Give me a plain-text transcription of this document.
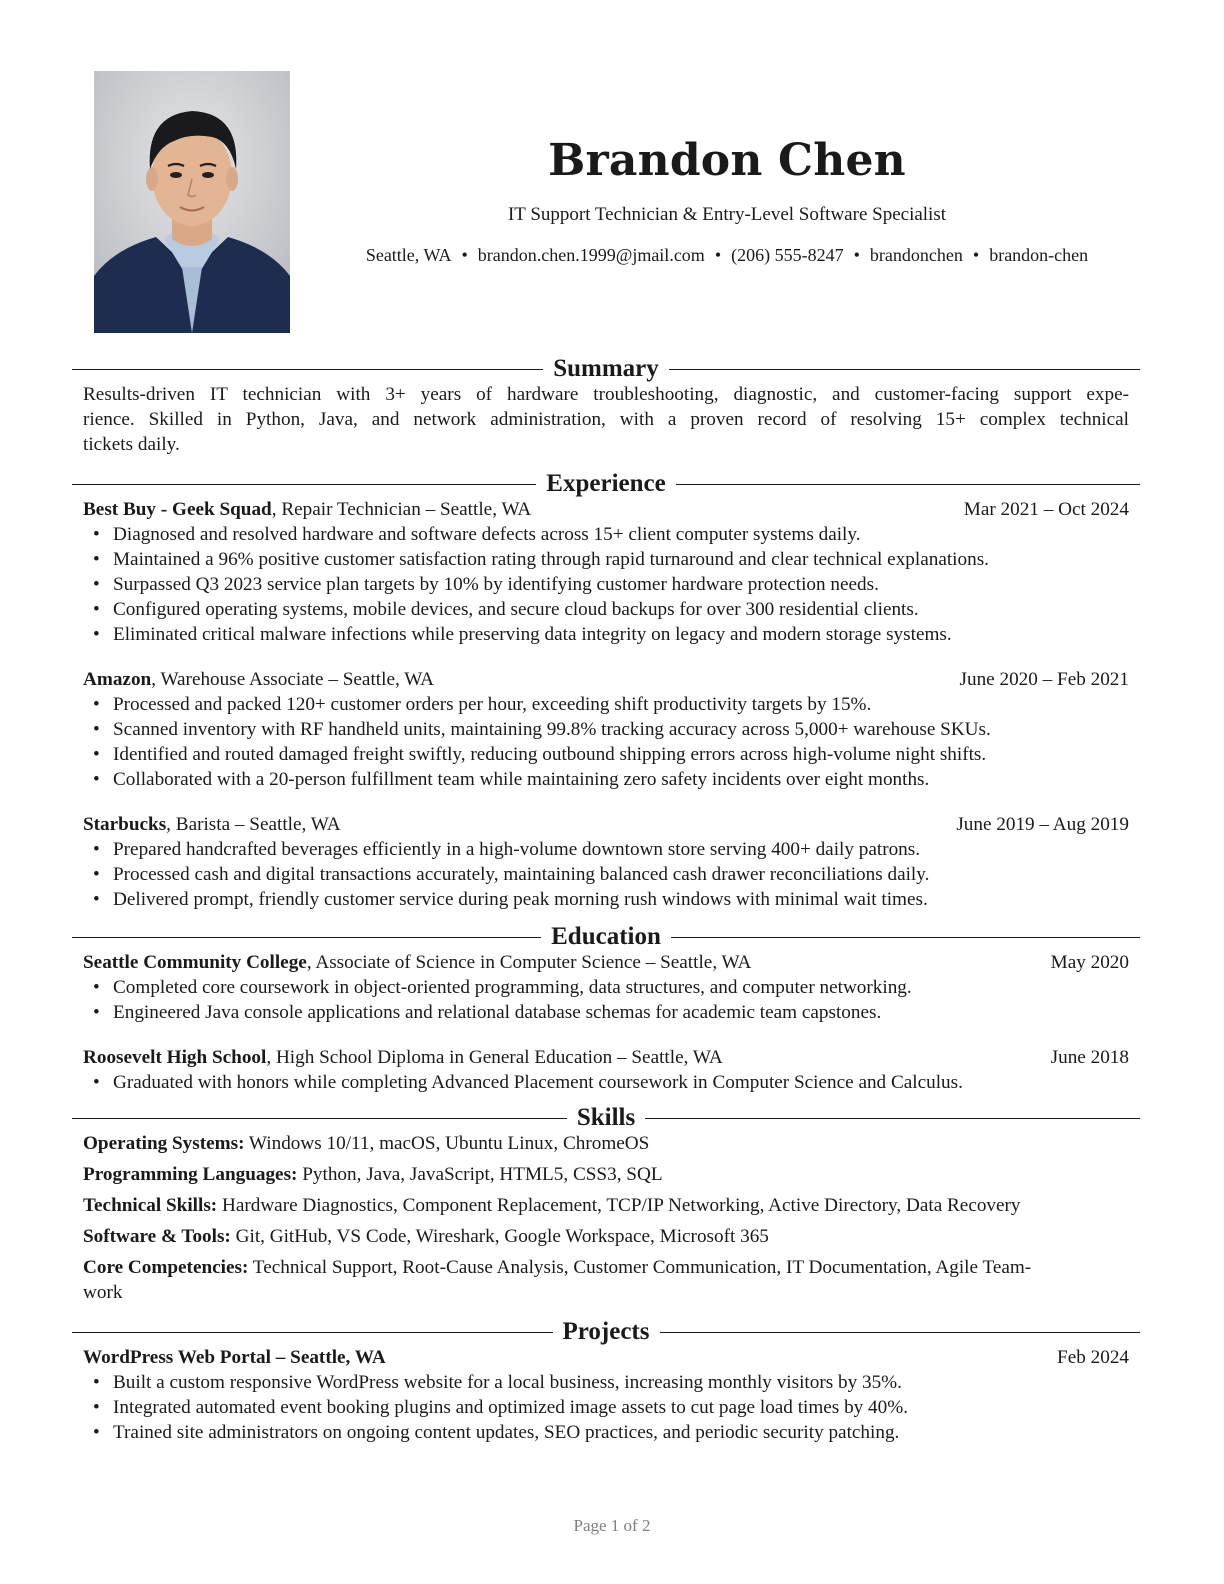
Brandon Chen
IT Support Technician & Entry-Level Software Specialist
Seattle, WA • brandon.chen.1999@jmail.com • (206) 555-8247 • brandonchen • brandon-chen
Summary
Results-driven IT technician with 3+ years of hardware troubleshooting, diagnostic, and customer-facing support expe-
rience. Skilled in Python, Java, and network administration, with a proven record of resolving 15+ complex technical
tickets daily.
Experience
Best Buy - Geek Squad, Repair Technician – Seattle, WA	Mar 2021 – Oct 2024
• Diagnosed and resolved hardware and software defects across 15+ client computer systems daily.
• Maintained a 96% positive customer satisfaction rating through rapid turnaround and clear technical explanations.
• Surpassed Q3 2023 service plan targets by 10% by identifying customer hardware protection needs.
• Configured operating systems, mobile devices, and secure cloud backups for over 300 residential clients.
• Eliminated critical malware infections while preserving data integrity on legacy and modern storage systems.
Amazon, Warehouse Associate – Seattle, WA	June 2020 – Feb 2021
• Processed and packed 120+ customer orders per hour, exceeding shift productivity targets by 15%.
• Scanned inventory with RF handheld units, maintaining 99.8% tracking accuracy across 5,000+ warehouse SKUs.
• Identified and routed damaged freight swiftly, reducing outbound shipping errors across high-volume night shifts.
• Collaborated with a 20-person fulfillment team while maintaining zero safety incidents over eight months.
Starbucks, Barista – Seattle, WA	June 2019 – Aug 2019
• Prepared handcrafted beverages efficiently in a high-volume downtown store serving 400+ daily patrons.
• Processed cash and digital transactions accurately, maintaining balanced cash drawer reconciliations daily.
• Delivered prompt, friendly customer service during peak morning rush windows with minimal wait times.
Education
Seattle Community College, Associate of Science in Computer Science – Seattle, WA	May 2020
• Completed core coursework in object-oriented programming, data structures, and computer networking.
• Engineered Java console applications and relational database schemas for academic team capstones.
Roosevelt High School, High School Diploma in General Education – Seattle, WA	June 2018
• Graduated with honors while completing Advanced Placement coursework in Computer Science and Calculus.
Skills
Operating Systems: Windows 10/11, macOS, Ubuntu Linux, ChromeOS
Programming Languages: Python, Java, JavaScript, HTML5, CSS3, SQL
Technical Skills: Hardware Diagnostics, Component Replacement, TCP/IP Networking, Active Directory, Data Recovery
Software & Tools: Git, GitHub, VS Code, Wireshark, Google Workspace, Microsoft 365
Core Competencies: Technical Support, Root-Cause Analysis, Customer Communication, IT Documentation, Agile Team-
work
Projects
WordPress Web Portal – Seattle, WA	Feb 2024
• Built a custom responsive WordPress website for a local business, increasing monthly visitors by 35%.
• Integrated automated event booking plugins and optimized image assets to cut page load times by 40%.
• Trained site administrators on ongoing content updates, SEO practices, and periodic security patching.
Page 1 of 2
